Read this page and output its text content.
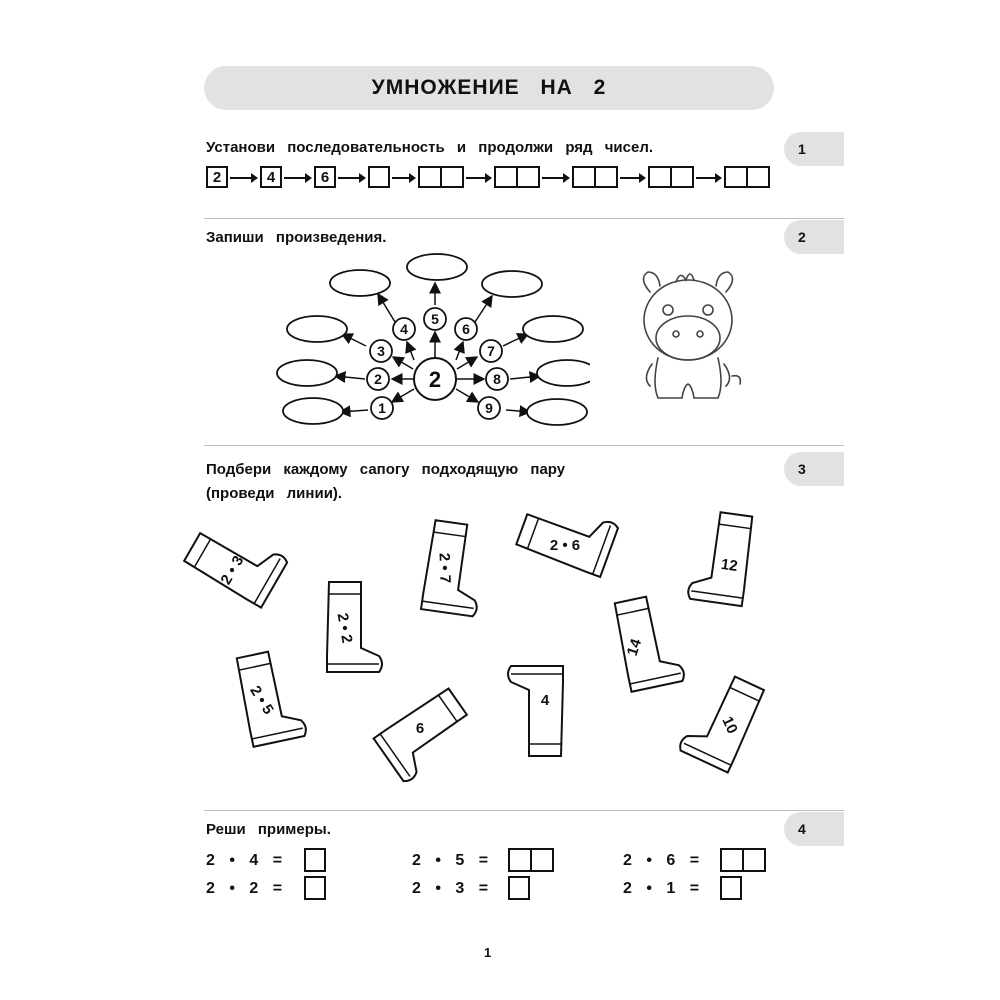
УМНОЖЕНИЕ НА 2
Установи последовательность и продолжи ряд чисел.	1
2	4	6
Запиши произведения.	2
4
5
6
3	7
2	8
1	9
2
Подбери каждому сапогу подходящую пару
(проведи линии).
3
2 • 3	2 • 7
2 • 6
12
2 • 2
14
2 • 5
6
4
10
Реши примеры.	4
2 • 4 =	2 • 5 =	2 • 6 =
2 • 2 =	2 • 3 =	2 • 1 =
1
